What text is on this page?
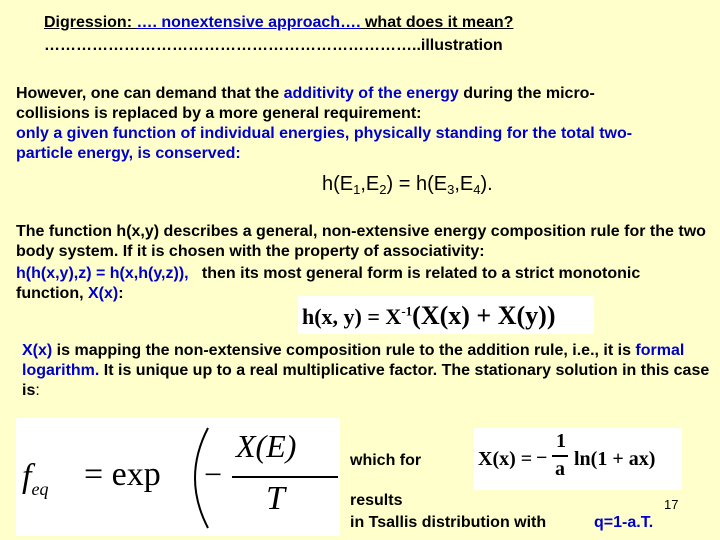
Digression: …. nonextensive approach…. what does it mean?
……………………………………………………………..illustration
However, one can demand that the additivity of the energy during the micro-collisions is replaced by a more general requirement:
only a given function of individual energies, physically standing for the total two-particle energy, is conserved:
$h(E_1,E_2) = h(E_3,E_4)$.
The function h(x,y) describes a general, non-extensive energy composition rule for the two body system. If it is chosen with the property of associativity:
h(h(x,y),z) = h(x,h(y,z)), then its most general form is related to a strict monotonic function, X(x):
h(x, $y) = X^{-1}(X(x) + X(y))$
X(x) is mapping the non-extensive composition rule to the addition rule, i.e., it is formal logarithm. It is unique up to a real multiplicative factor. The stationary solution in this case is:
$f_{eq} = \exp$ −
X(E)
T
which for	X(x) = −
1
a ln(1 + ax)
results
in Tsallis distribution with	q=1-a.T.
17
